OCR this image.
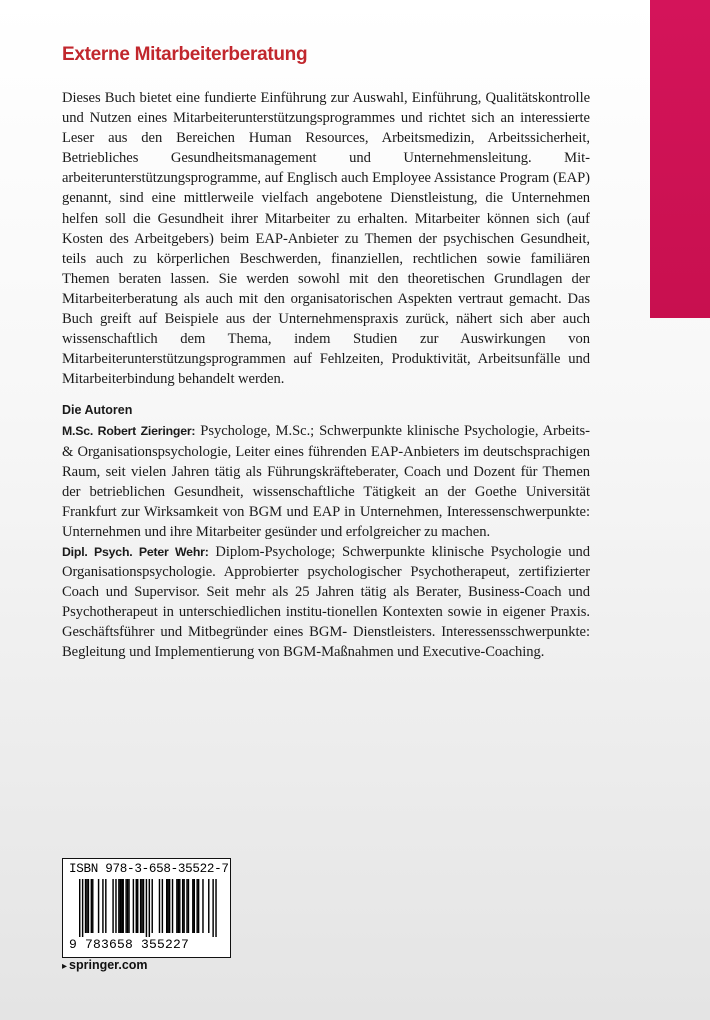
Externe Mitarbeiterberatung

Dieses Buch bietet eine fundierte Einführung zur Auswahl, Einführung, Qualitätskontrolle und Nutzen eines Mitarbeiterunterstützungsprogrammes und richtet sich an interessierte Leser aus den Bereichen Human Resources, Arbeitsmedizin, Arbeitssicherheit, Betriebliches Gesundheitsmanagement und Unternehmensleitung. Mitarbeiterunterstützungsprogramme, auf Englisch auch Employee Assistance Program (EAP) genannt, sind eine mittlerweile vielfach angebotene Dienstleistung, die Unternehmen helfen soll die Gesundheit ihrer Mitarbeiter zu erhalten. Mitarbeiter können sich (auf Kosten des Arbeitgebers) beim EAP-Anbieter zu Themen der psychischen Gesundheit, teils auch zu körperlichen Beschwerden, finanziellen, rechtlichen sowie familiären Themen beraten lassen. Sie werden sowohl mit den theoretischen Grundlagen der Mitarbeiterberatung als auch mit den organisatorischen Aspekten vertraut gemacht. Das Buch greift auf Beispiele aus der Unternehmenspraxis zurück, nähert sich aber auch wissenschaftlich dem Thema, indem Studien zur Auswirkungen von Mitarbeiterunterstützungsprogrammen auf Fehlzeiten, Produktivität, Arbeitsunfälle und Mitarbeiterbindung behandelt werden.

Die Autoren

M.Sc. Robert Zieringer: Psychologe, M.Sc.; Schwerpunkte klinische Psychologie, Arbeits- & Organisationspsychologie, Leiter eines führenden EAP-Anbieters im deutschsprachigen Raum, seit vielen Jahren tätig als Führungskräfteberater, Coach und Dozent für Themen der betrieblichen Gesundheit, wissenschaftliche Tätigkeit an der Goethe Universität Frankfurt zur Wirksamkeit von BGM und EAP in Unternehmen, Interessenschwerpunkte: Unternehmen und ihre Mitarbeiter gesünder und erfolgreicher zu machen.

Dipl. Psych. Peter Wehr: Diplom-Psychologe; Schwerpunkte klinische Psychologie und Organisationspsychologie. Approbierter psychologischer Psychotherapeut, zertifizierter Coach und Supervisor. Seit mehr als 25 Jahren tätig als Berater, Business-Coach und Psychotherapeut in unterschiedlichen institu-tionellen Kontexten sowie in eigener Praxis. Geschäftsführer und Mitbegründer eines BGM- Dienstleisters. Interessensschwerpunkte: Begleitung und Implementierung von BGM-Maßnahmen und Executive-Coaching.

ISBN 978-3-658-35522-7
9 783658 355227
▸ springer.com
